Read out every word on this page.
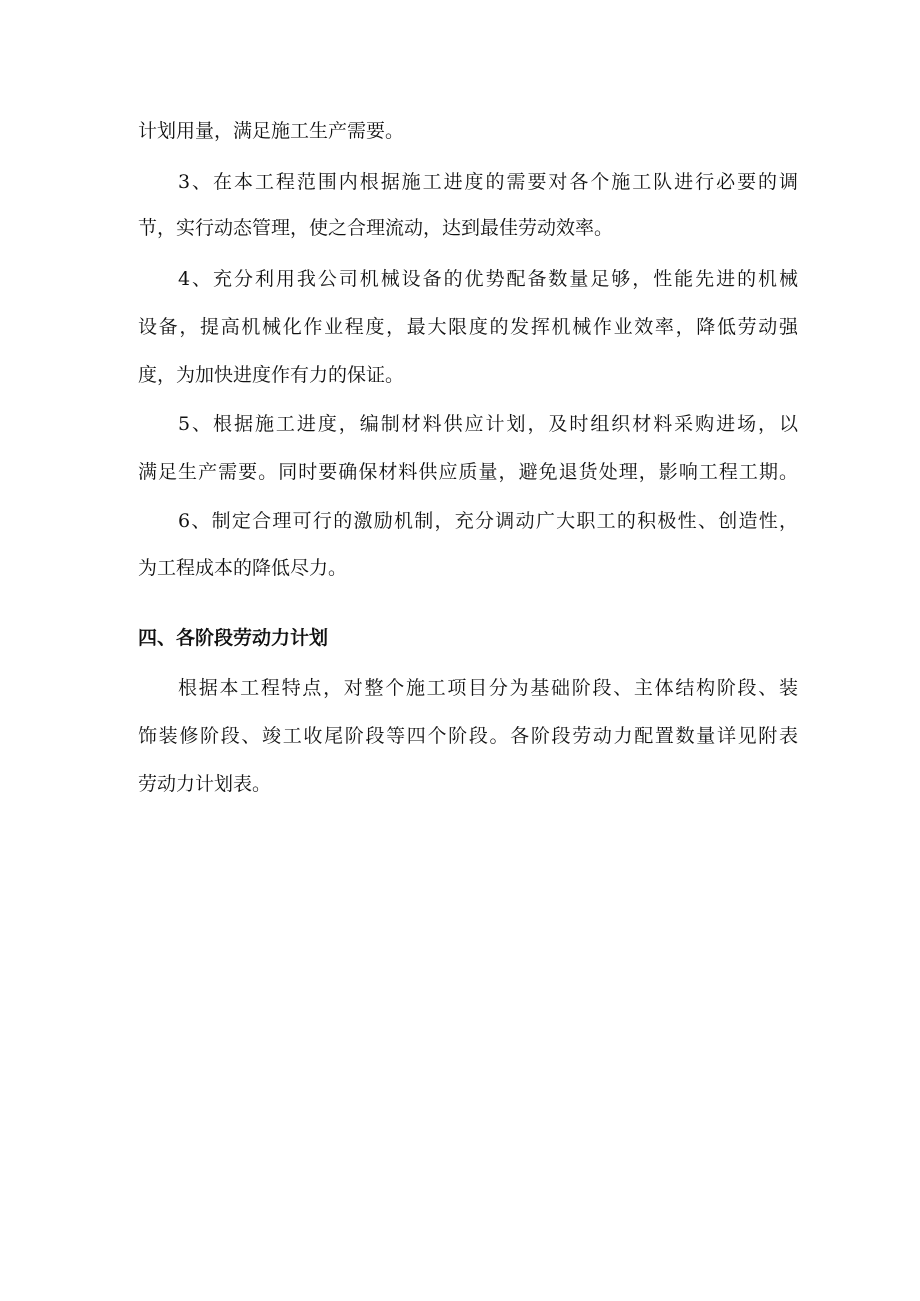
计划用量，满足施工生产需要。
3、在本工程范围内根据施工进度的需要对各个施工队进行必要的调
节，实行动态管理，使之合理流动，达到最佳劳动效率。
4、充分利用我公司机械设备的优势配备数量足够，性能先进的机械
设备，提高机械化作业程度，最大限度的发挥机械作业效率，降低劳动强
度，为加快进度作有力的保证。
5、根据施工进度，编制材料供应计划，及时组织材料采购进场，以
满足生产需要。同时要确保材料供应质量，避免退货处理，影响工程工期。
6、制定合理可行的激励机制，充分调动广大职工的积极性、创造性，
为工程成本的降低尽力。
四、各阶段劳动力计划
根据本工程特点，对整个施工项目分为基础阶段、主体结构阶段、装
饰装修阶段、竣工收尾阶段等四个阶段。各阶段劳动力配置数量详见附表
劳动力计划表。
